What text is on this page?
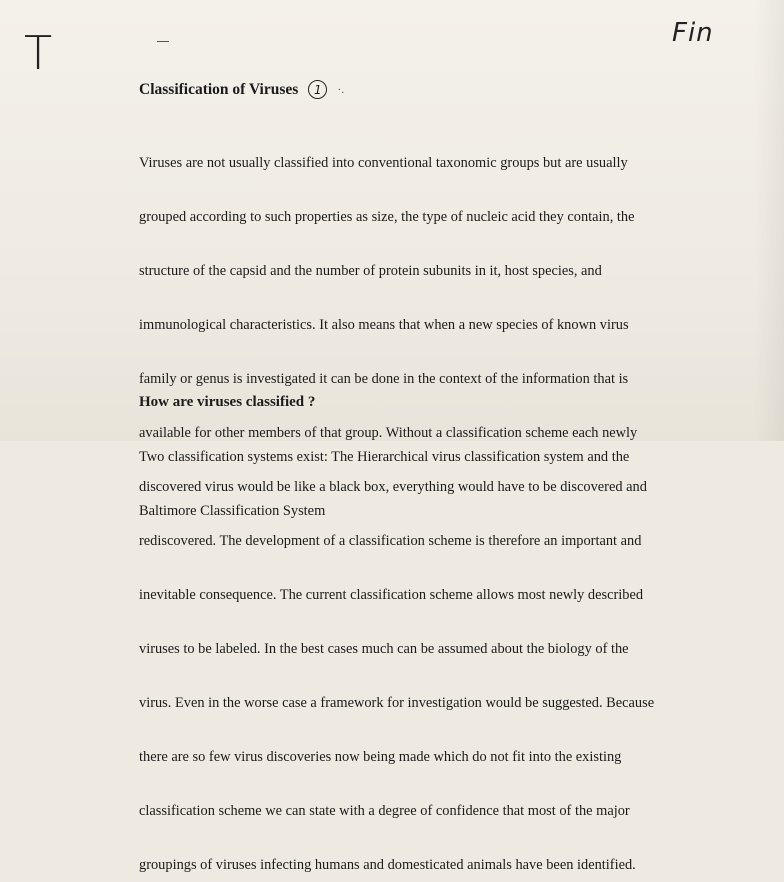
T	Fin
Classification of Viruses	1	·.

Viruses are not usually classified into conventional taxonomic groups but are usually

grouped according to such properties as size, the type of nucleic acid they contain, the

structure of the capsid and the number of protein subunits in it, host species, and

immunological characteristics. It also means that when a new species of known virus

family or genus is investigated it can be done in the context of the information that is

available for other members of that group. Without a classification scheme each newly

discovered virus would be like a black box, everything would have to be discovered and

rediscovered. The development of a classification scheme is therefore an important and

inevitable consequence. The current classification scheme allows most newly described

viruses to be labeled. In the best cases much can be assumed about the biology of the

virus. Even in the worse case a framework for investigation would be suggested. Because

there are so few virus discoveries now being made which do not fit into the existing

classification scheme we can state with a degree of confidence that most of the major

groupings of viruses infecting humans and domesticated animals have been identified.

How are viruses classified ?

Two classification systems exist: The Hierarchical virus classification system and the

Baltimore Classification System
